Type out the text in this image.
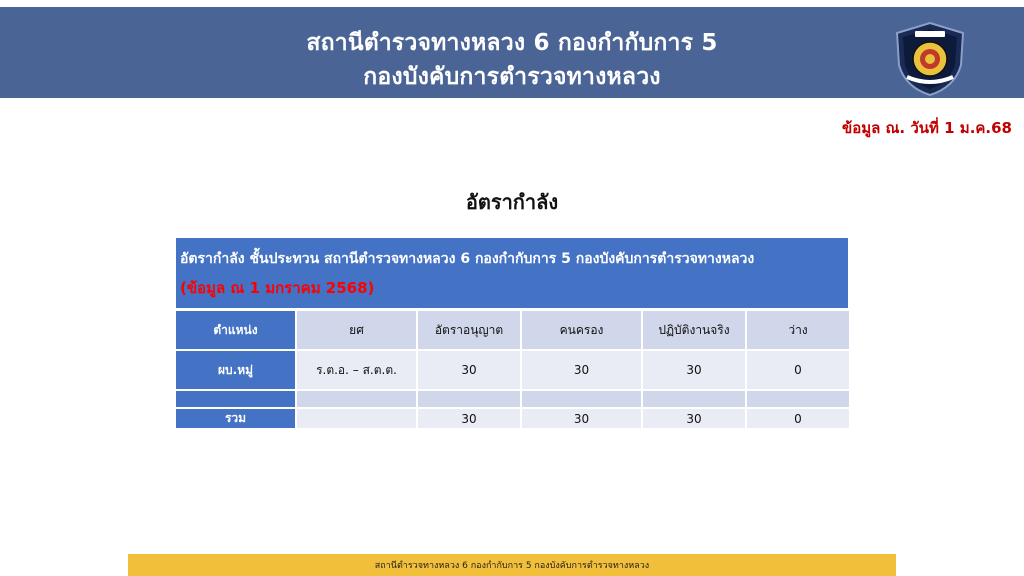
สถานีตำรวจทางหลวง 6 กองกำกับการ 5
กองบังคับการตำรวจทางหลวง
ข้อมูล ณ. วันที่ 1 ม.ค.68
อัตรากำลัง
อัตรากำลัง ชั้นประทวน สถานีตำรวจทางหลวง 6 กองกำกับการ 5 กองบังคับการตำรวจทางหลวง
(ข้อมูล ณ 1 มกราคม 2568)
ตำแหน่ง	ยศ	อัตราอนุญาต	คนครอง	ปฏิบัติงานจริง	ว่าง
ผบ.หมู่	ร.ต.อ. – ส.ต.ต.	30	30	30	0

รวม		30	30	30	0
สถานีตำรวจทางหลวง 6 กองกำกับการ 5 กองบังคับการตำรวจทางหลวง
